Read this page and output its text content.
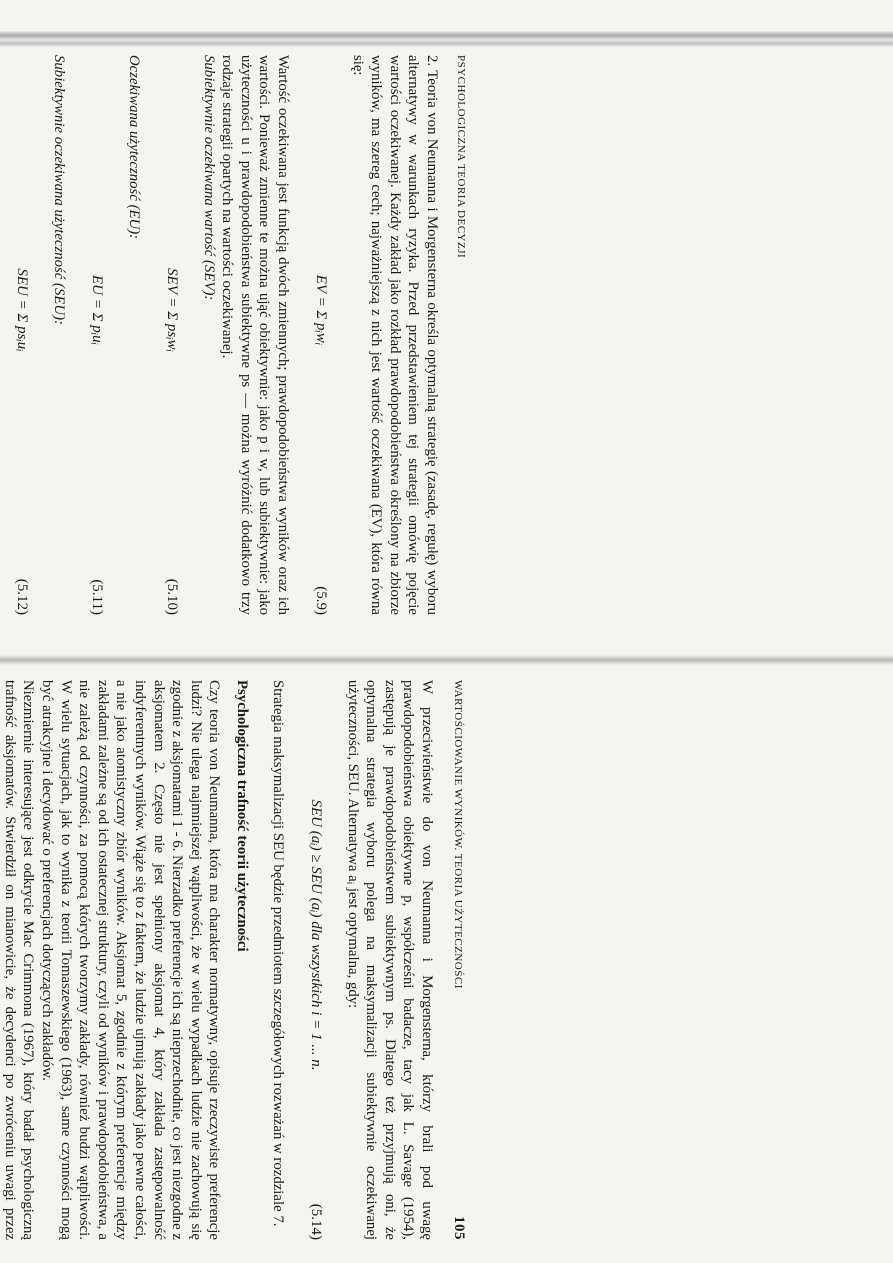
PSYCHOLOGICZNA TEORIA DECYZJI

2. Teoria von Neumanna i Morgensterna określa optymalną strategię (zasadę, regułę) wyboru alternatywy w warunkach ryzyka. Przed przedstawieniem tej strategii omówię pojęcie wartości oczekiwanej. Każdy zakład jako rozkład prawdopodobieństwa określony na zbiorze wyników, ma szereg cech; najważniejszą z nich jest wartość oczekiwana (EV), która równa się:

EV = Σ pᵢwᵢ
(5.9)

Wartość oczekiwana jest funkcją dwóch zmiennych; prawdopodobieństwa wyników oraz ich wartości. Ponieważ zmienne te można ująć obiektywnie: jako p i w, lub subiektywnie: jako użyteczności u i prawdopodobieństwa subiektywne ps — można wyróżnić dodatkowo trzy rodzaje strategii opartych na wartości oczekiwanej.

Subiektywnie oczekiwana wartość (SEV):

SEV = Σ psᵢwᵢ
(5.10)

Oczekiwana użyteczność (EU):

EU = Σ pᵢuᵢ
(5.11)

Subiektywnie oczekiwana użyteczność (SEU):

SEU = Σ psᵢuᵢ
(5.12)

WARTOŚCIOWANIE WYNIKÓW. TEORIA UŻYTECZNOŚCI
105

W przeciwieństwie do von Neumanna i Morgensterna, którzy brali pod uwagę prawdopodobieństwa obiektywne p, współcześni badacze, tacy jak L. Savage (1954), zastępują je prawdopodobieństwem subiektywnym ps. Dlatego też przyjmują oni, że optymalna strategia wyboru polega na maksymalizacji subiektywnie oczekiwanej użyteczności, SEU. Alternatywa aᵢ jest optymalna, gdy:

SEU (aᵢ) ≥ SEU (aᵢ) dla wszystkich i = 1 ... n.
(5.14)

Strategia maksymalizacji SEU będzie przedmiotem szczegółowych rozważań w rozdziale 7.

Psychologiczna trafność teorii użyteczności

Czy teoria von Neumanna, która ma charakter normatywny, opisuje rzeczywiste preferencje ludzi? Nie ulega najmniejszej wątpliwości, że w wielu wypadkach ludzie nie zachowują się zgodnie z aksjomatami 1 - 6. Nierzadko preferencje ich są nieprzechodnie, co jest niezgodne z aksjomatem 2. Często nie jest spełniony aksjomat 4, który zakłada zastępowalność indyferentnych wyników. Wiąże się to z faktem, że ludzie ujmują zakłady jako pewne całości, a nie jako atomistyczny zbiór wyników. Aksjomat 5, zgodnie z którym preferencje między zakładami zależne są od ich ostatecznej struktury, czyli od wyników i prawdopodobieństwa, a nie zależą od czynności, za pomocą których tworzymy zakłady, również budzi wątpliwości. W wielu sytuacjach, jak to wynika z teorii Tomaszewskiego (1963), same czynności mogą być atrakcyjne i decydować o preferencjach dotyczących zakładów.

Niezmiernie interesujące jest odkrycie Mac Crimmona (1967), który badał psychologiczną trafność aksjomatów. Stwierdził on mianowicie, że decydenci po zwróceniu uwagi przez
